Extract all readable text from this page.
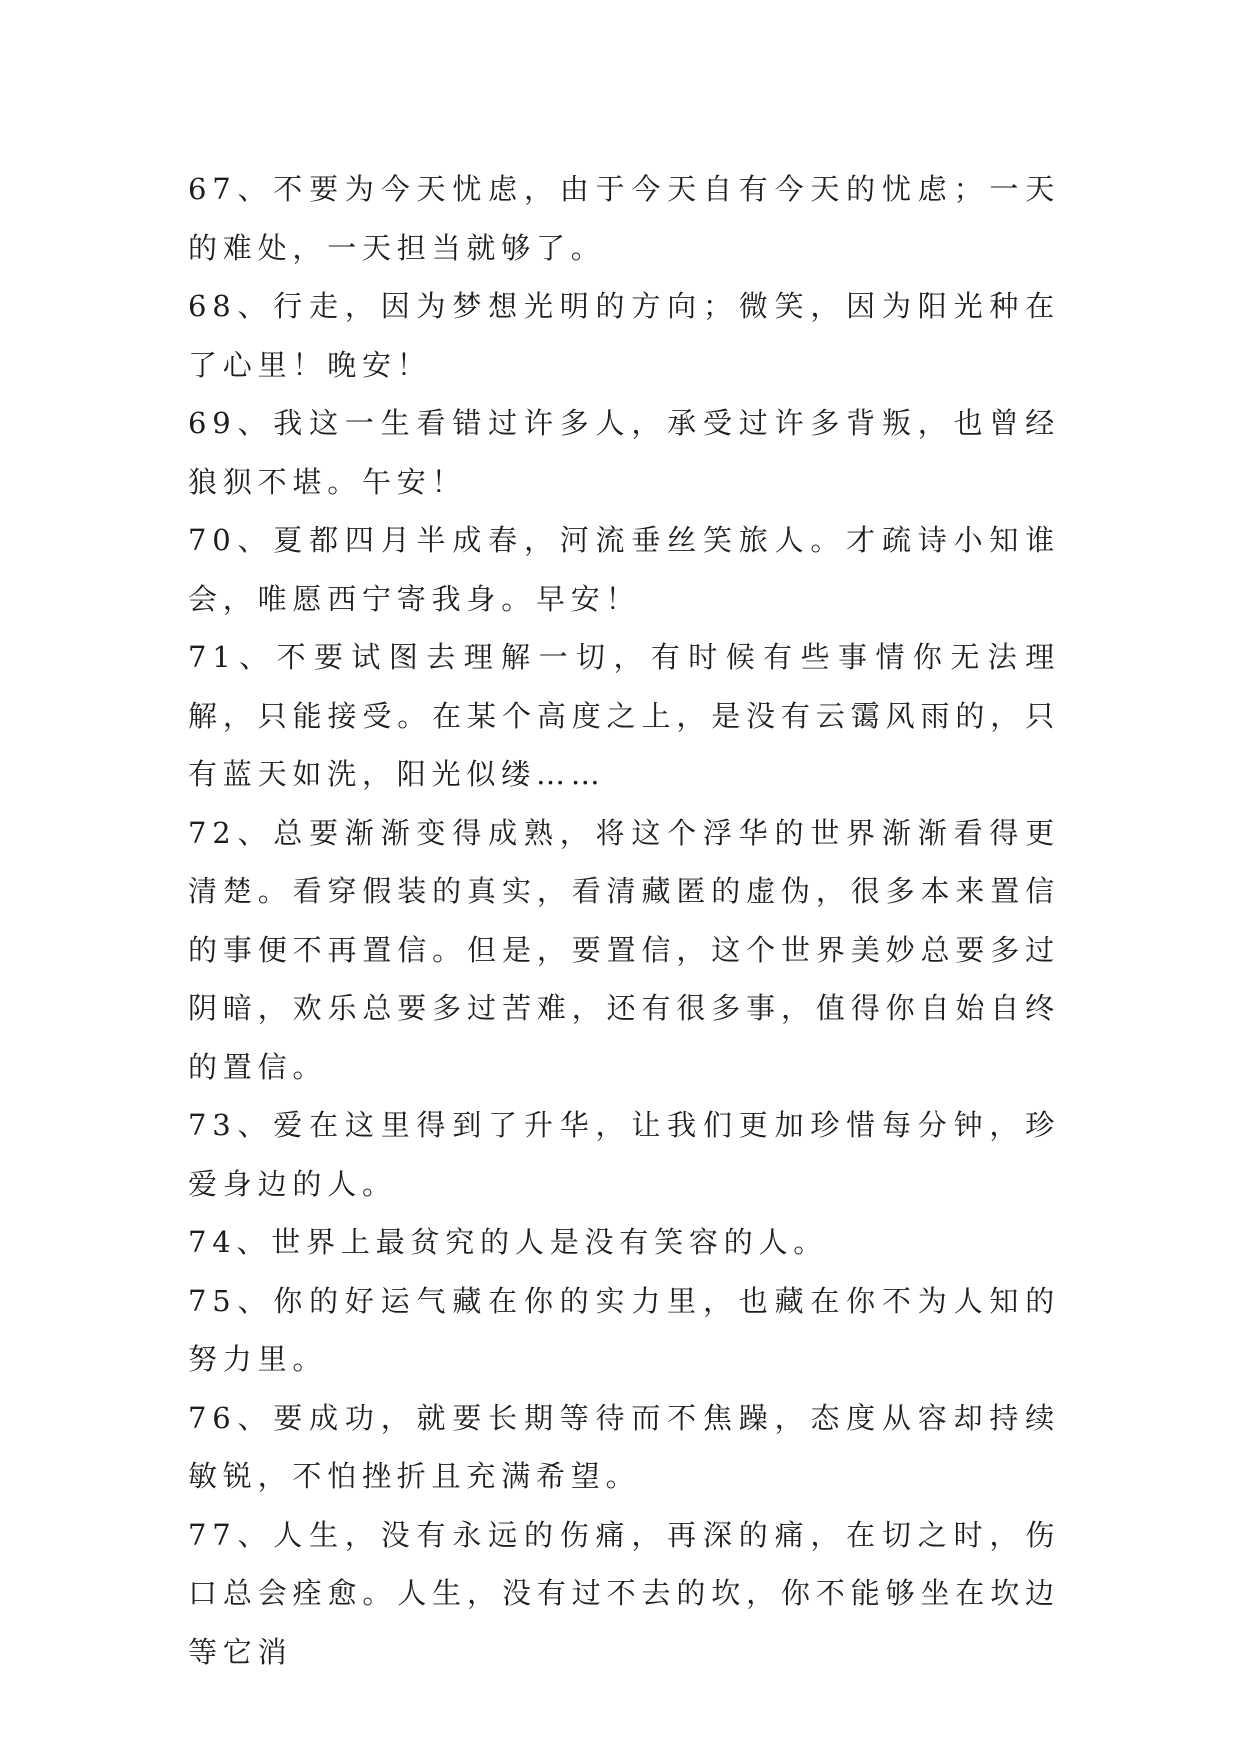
67、不要为今天忧虑，由于今天自有今天的忧虑；一天的难处，一天担当就够了。

68、行走，因为梦想光明的方向；微笑，因为阳光种在了心里！晚安！

69、我这一生看错过许多人，承受过许多背叛，也曾经狼狈不堪。午安！

70、夏都四月半成春，河流垂丝笑旅人。才疏诗小知谁会，唯愿西宁寄我身。早安！

71、不要试图去理解一切，有时候有些事情你无法理解，只能接受。在某个高度之上，是没有云霭风雨的，只有蓝天如洗，阳光似缕……

72、总要渐渐变得成熟，将这个浮华的世界渐渐看得更清楚。看穿假装的真实，看清藏匿的虚伪，很多本来置信的事便不再置信。但是，要置信，这个世界美妙总要多过阴暗，欢乐总要多过苦难，还有很多事，值得你自始自终的置信。

73、爱在这里得到了升华，让我们更加珍惜每分钟，珍爱身边的人。

74、世界上最贫究的人是没有笑容的人。

75、你的好运气藏在你的实力里，也藏在你不为人知的努力里。

76、要成功，就要长期等待而不焦躁，态度从容却持续敏锐，不怕挫折且充满希望。

77、人生，没有永远的伤痛，再深的痛，在切之时，伤口总会痊愈。人生，没有过不去的坎，你不能够坐在坎边等它消
